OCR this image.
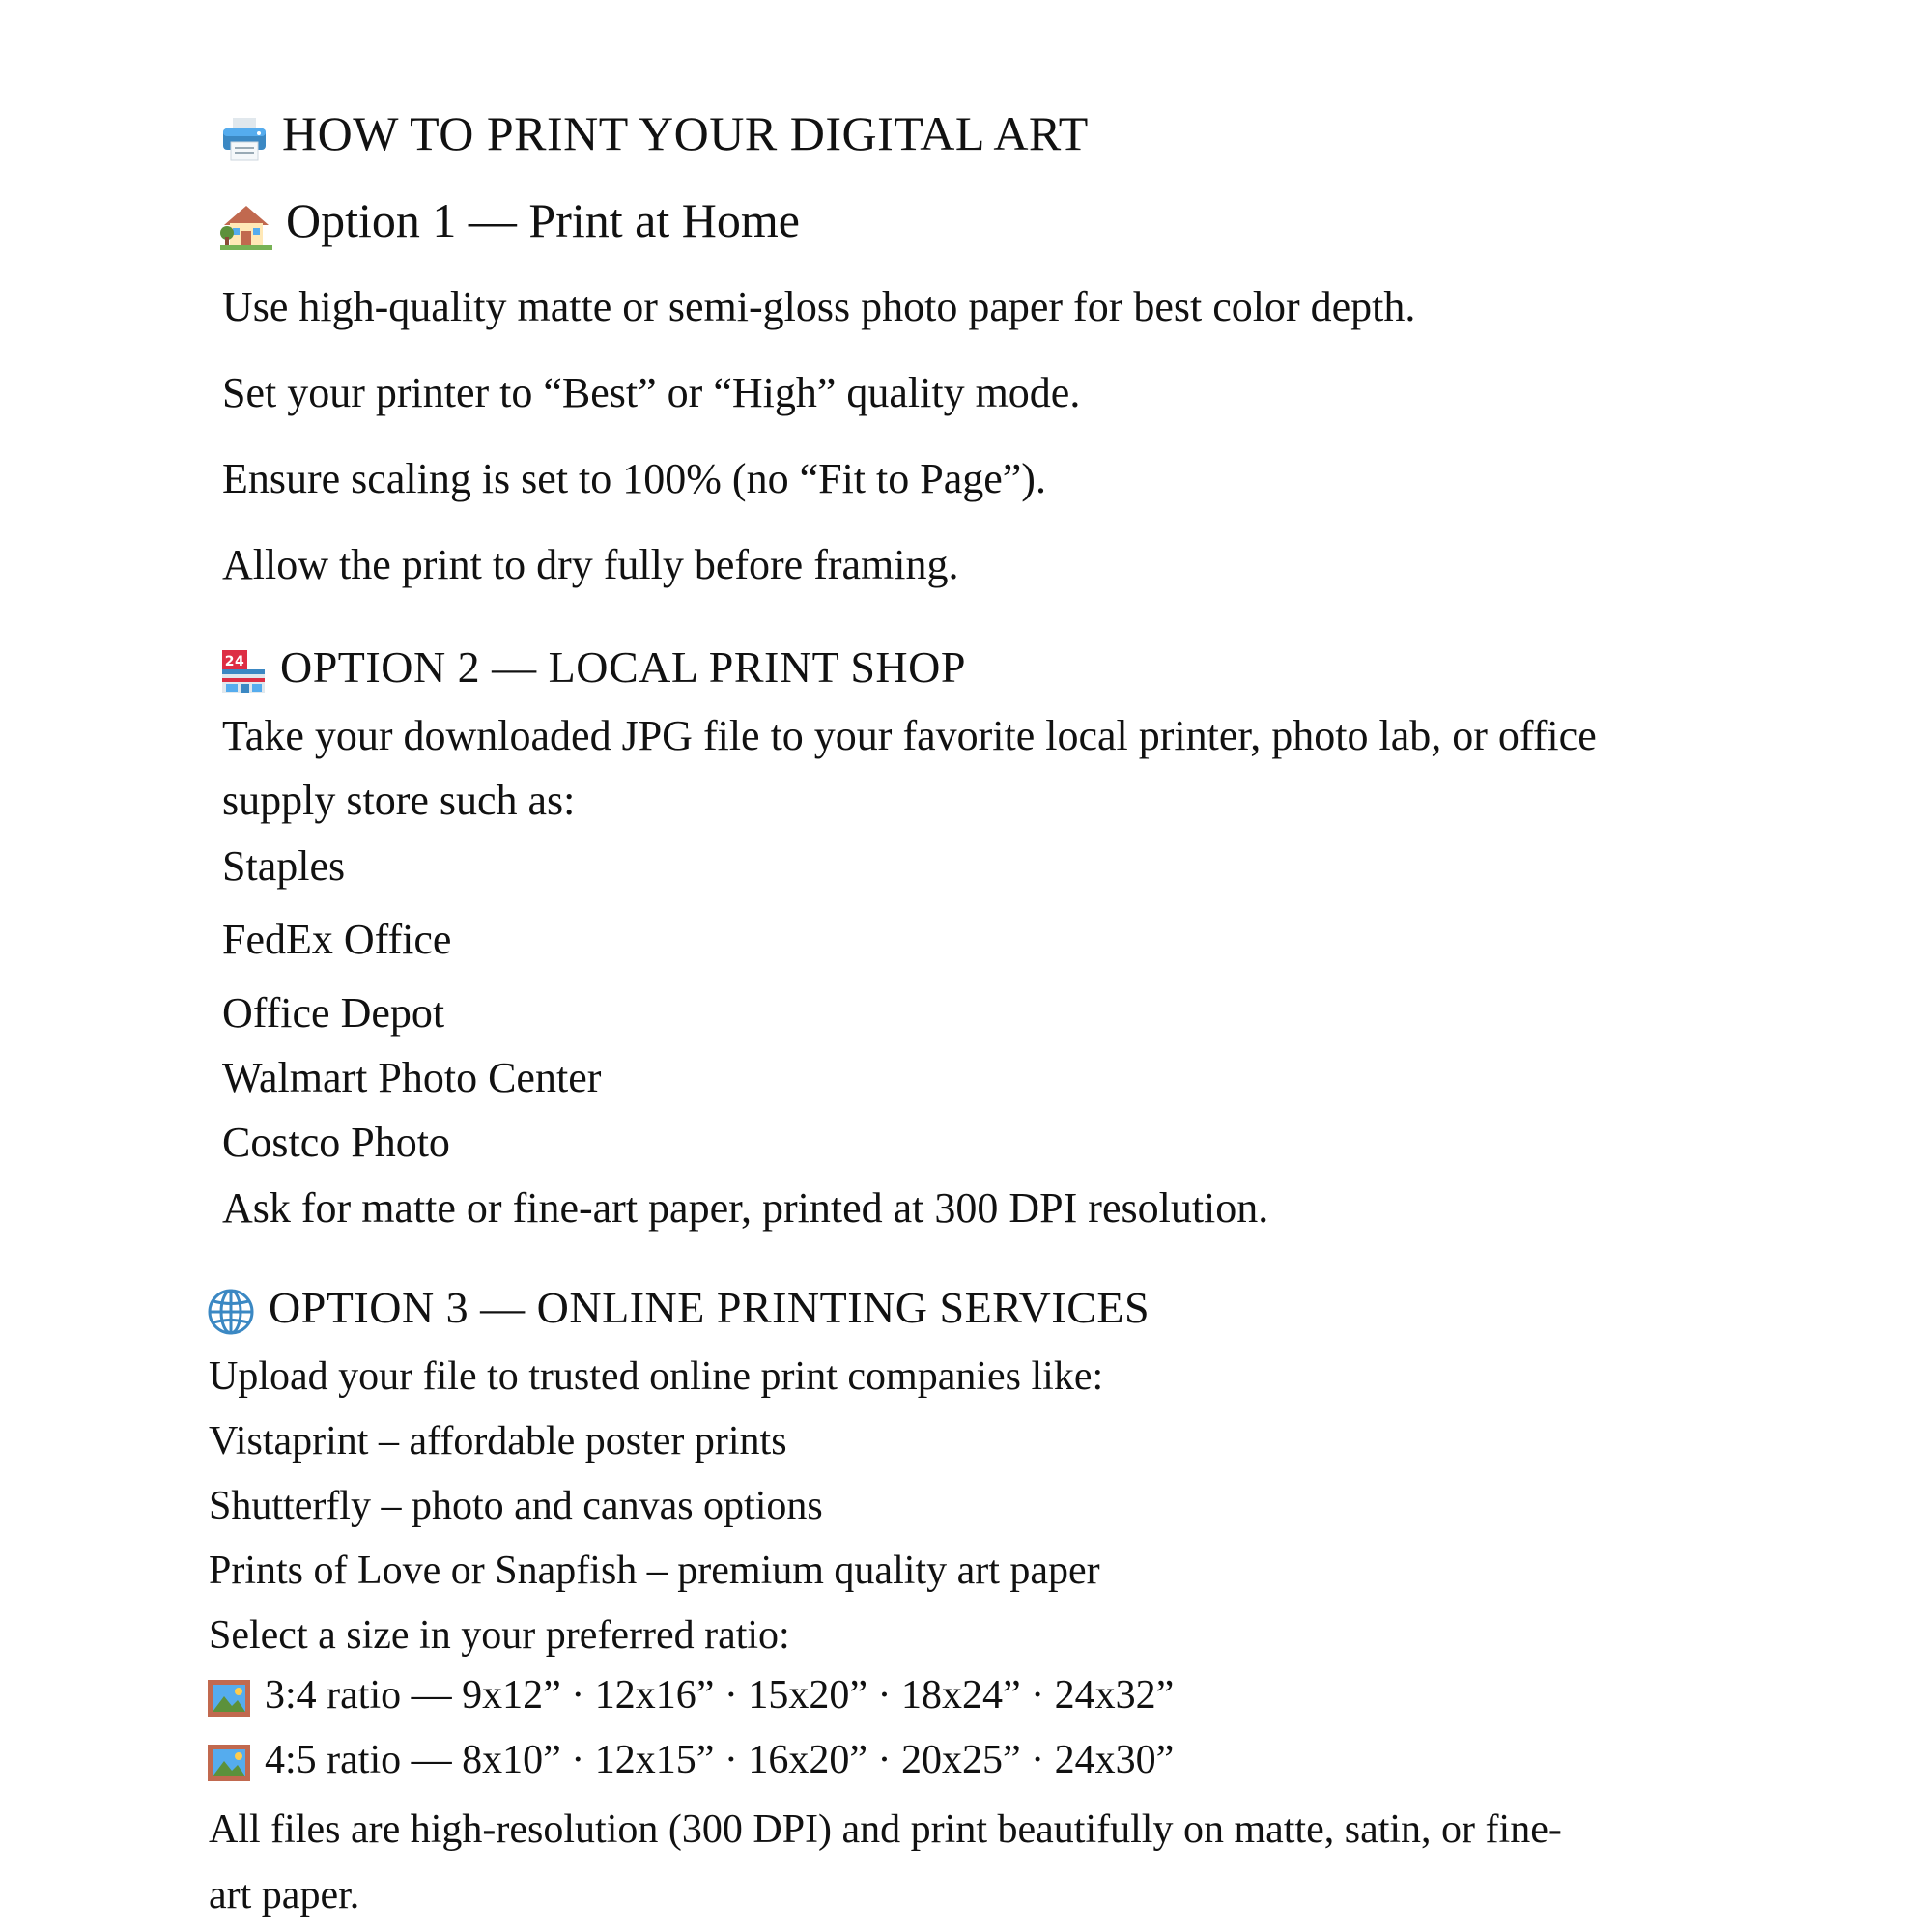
HOW TO PRINT YOUR DIGITAL ART
Option 1 — Print at Home
Use high-quality matte or semi-gloss photo paper for best color depth.
Set your printer to “Best” or “High” quality mode.
Ensure scaling is set to 100% (no “Fit to Page”).
Allow the print to dry fully before framing.
24 OPTION 2 — LOCAL PRINT SHOP
Take your downloaded JPG file to your favorite local printer, photo lab, or office
supply store such as:
Staples
FedEx Office
Office Depot
Walmart Photo Center
Costco Photo
Ask for matte or fine-art paper, printed at 300 DPI resolution.
OPTION 3 — ONLINE PRINTING SERVICES
Upload your file to trusted online print companies like:
Vistaprint – affordable poster prints
Shutterfly – photo and canvas options
Prints of Love or Snapfish – premium quality art paper
Select a size in your preferred ratio:
3:4 ratio — 9x12” · 12x16” · 15x20” · 18x24” · 24x32”
4:5 ratio — 8x10” · 12x15” · 16x20” · 20x25” · 24x30”
All files are high-resolution (300 DPI) and print beautifully on matte, satin, or fine-
art paper.
